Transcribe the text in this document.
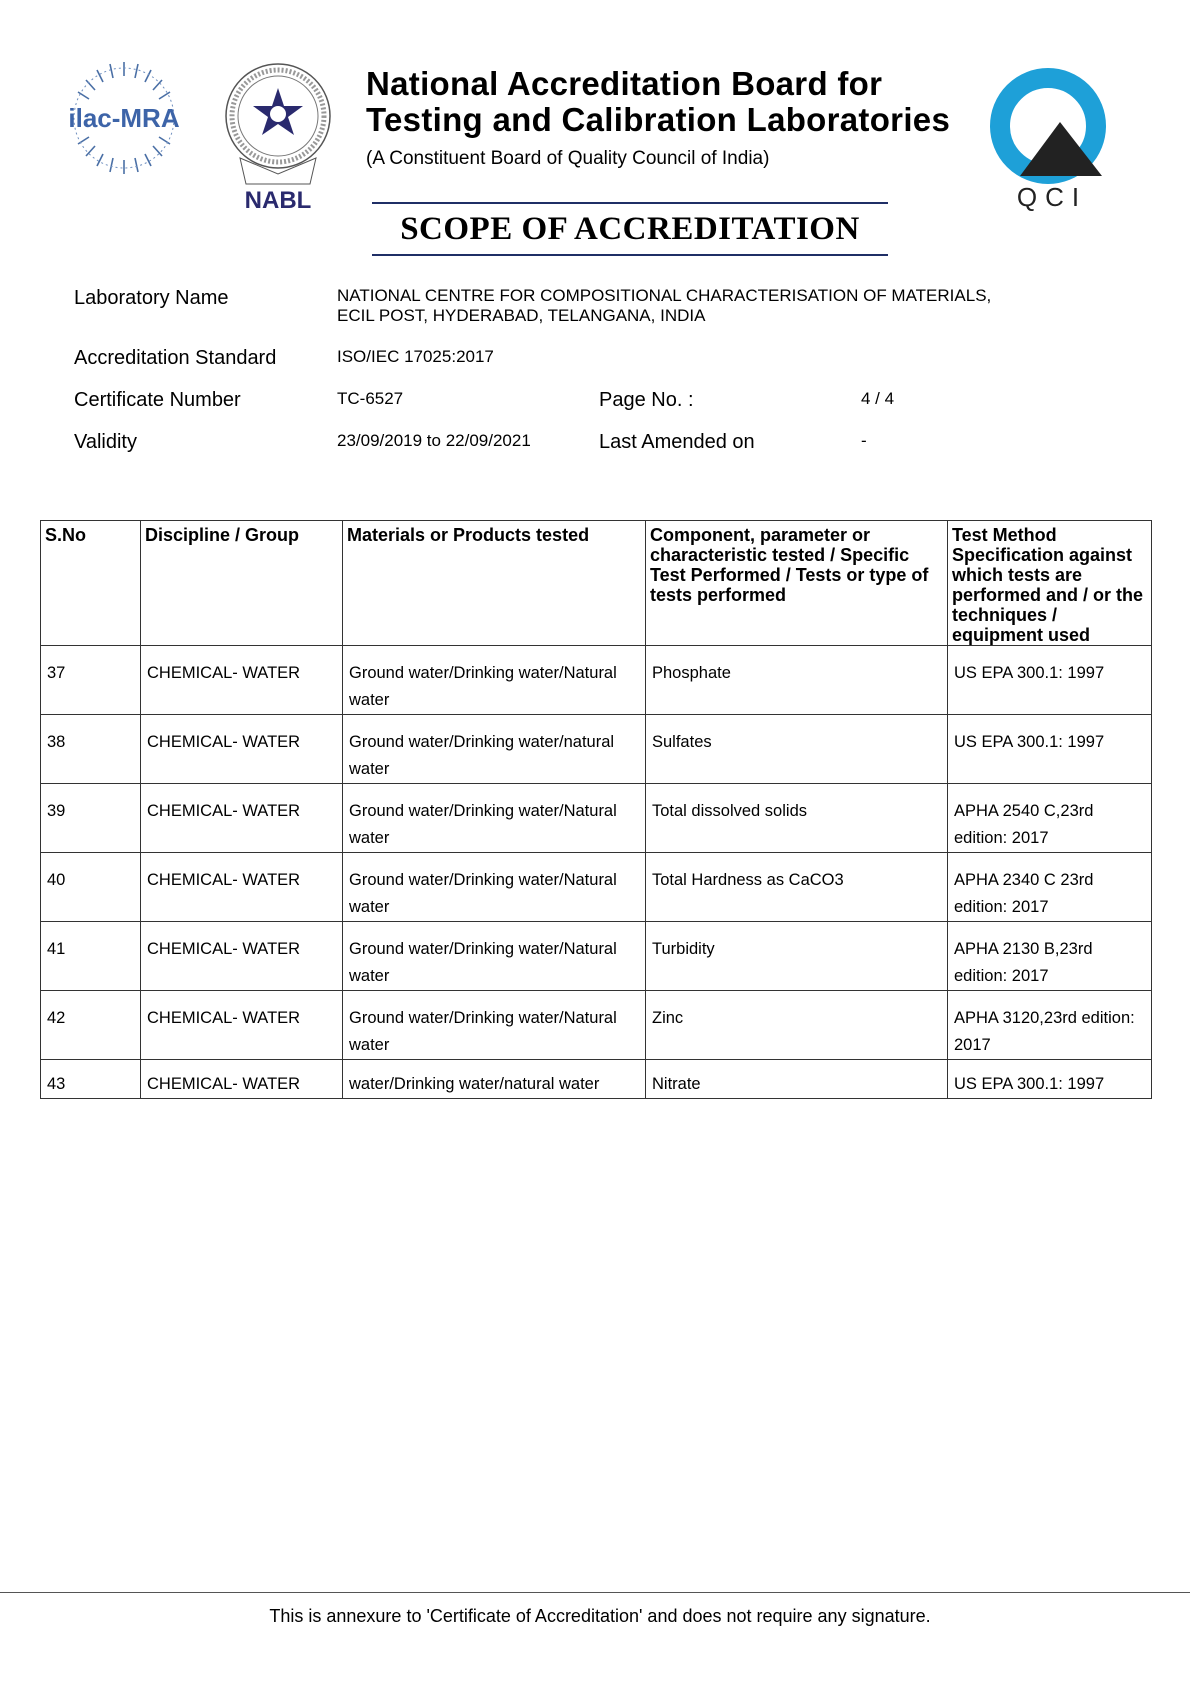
ilac-MRA
NABL	QCI
National Accreditation Board for
Testing and Calibration Laboratories
(A Constituent Board of Quality Council of India)
SCOPE OF ACCREDITATION
Laboratory Name	NATIONAL CENTRE FOR COMPOSITIONAL CHARACTERISATION OF MATERIALS,
ECIL POST, HYDERABAD, TELANGANA, INDIA
Accreditation Standard	ISO/IEC 17025:2017
Certificate Number	TC-6527	Page No. :	4 / 4
Validity	23/09/2019 to 22/09/2021	Last Amended on	-
S.No	Discipline / Group	Materials or Products tested	Component, parameter or characteristic tested / Specific Test Performed / Tests or type of tests performed	Test Method Specification against which tests are performed and / or the techniques / equipment used
37	CHEMICAL- WATER	Ground water/Drinking water/Natural water	Phosphate	US EPA 300.1: 1997
38	CHEMICAL- WATER	Ground water/Drinking water/natural water	Sulfates	US EPA 300.1: 1997
39	CHEMICAL- WATER	Ground water/Drinking water/Natural water	Total dissolved solids	APHA 2540 C,23rd edition: 2017
40	CHEMICAL- WATER	Ground water/Drinking water/Natural water	Total Hardness as CaCO3	APHA 2340 C 23rd edition: 2017
41	CHEMICAL- WATER	Ground water/Drinking water/Natural water	Turbidity	APHA 2130 B,23rd edition: 2017
42	CHEMICAL- WATER	Ground water/Drinking water/Natural water	Zinc	APHA 3120,23rd edition: 2017
43	CHEMICAL- WATER	water/Drinking water/natural water	Nitrate	US EPA 300.1: 1997
This is annexure to 'Certificate of Accreditation' and does not require any signature.
